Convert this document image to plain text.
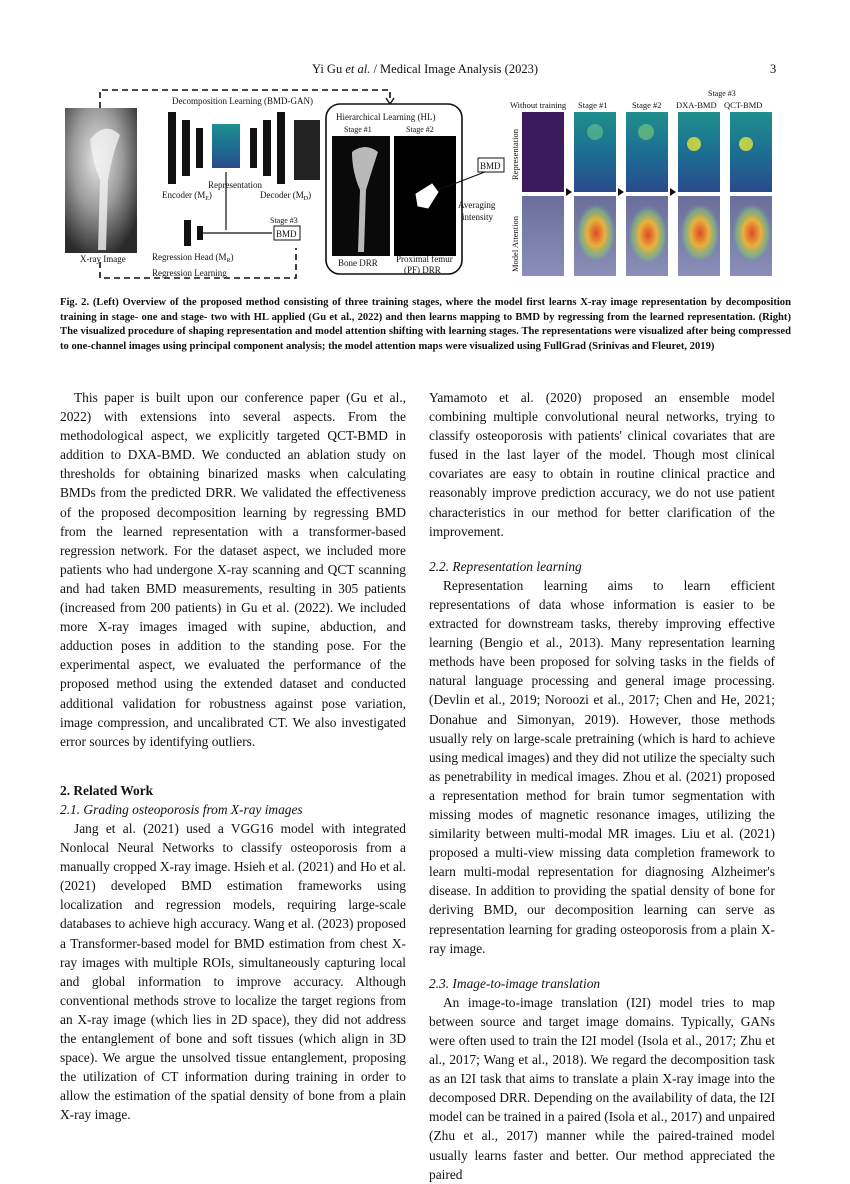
Yi Gu et al. / Medical Image Analysis (2023)	3
X-ray Image
Decomposition Learning (BMD-GAN)
Encoder $(M_E)$
Representation
Decoder $(M_D)$
BMD
Stage #3
Regression Head $(M_R)$
Regression Learning
Hierarchical Learning (HL)
Stage #1	Stage #2
Bone DRR Proximal femur
(PF) DRR
BMD
Averaging
intensity
Stage #3
Without training Stage #1	Stage #2 DXA-BMD QCT-BMD
Representation
Model Attention
Fig. 2. (Left) Overview of the proposed method consisting of three training stages, where the model first learns X-ray image representation by decomposition training in stage- one and stage- two with HL applied (Gu et al., 2022) and then learns mapping to BMD by regressing from the learned representation. (Right) The visualized procedure of shaping representation and model attention shifting with learning stages. The representations were visualized after being compressed to one-channel images using principal component analysis; the model attention maps were visualized using FullGrad (Srinivas and Fleuret, 2019)

This paper is built upon our conference paper (Gu et al., 2022) with extensions into several aspects. From the methodological aspect, we explicitly targeted QCT-BMD in addition to DXA-BMD. We conducted an ablation study on thresholds for obtaining binarized masks when calculating BMDs from the predicted DRR. We validated the effectiveness of the proposed decomposition learning by regressing BMD from the learned representation with a transformer-based regression network. For the dataset aspect, we included more patients who had undergone X-ray scanning and QCT scanning and had taken BMD measurements, resulting in 305 patients (increased from 200 patients) in Gu et al. (2022). We included more X-ray images imaged with supine, abduction, and adduction poses in addition to the standing pose. For the experimental aspect, we evaluated the performance of the proposed method using the extended dataset and conducted additional validation for robustness against pose variation, image compression, and uncalibrated CT. We also investigated error sources by identifying outliers.

2. Related Work

2.1. Grading osteoporosis from X-ray images

Jang et al. (2021) used a VGG16 model with integrated Nonlocal Neural Networks to classify osteoporosis from a manually cropped X-ray image. Hsieh et al. (2021) and Ho et al. (2021) developed BMD estimation frameworks using localization and regression models, requiring large-scale databases to achieve high accuracy. Wang et al. (2023) proposed a Transformer-based model for BMD estimation from chest X-ray images with multiple ROIs, simultaneously capturing local and global information to improve accuracy. Although conventional methods strove to localize the target regions from an X-ray image (which lies in 2D space), they did not address the entanglement of bone and soft tissues (which align in 3D space). We argue the unsolved tissue entanglement, proposing the utilization of CT information during training in order to allow the estimation of the spatial density of bone from a plain X-ray image.

Yamamoto et al. (2020) proposed an ensemble model combining multiple convolutional neural networks, trying to classify osteoporosis with patients' clinical covariates that are fused in the last layer of the model. Though most clinical covariates are easy to obtain in routine clinical practice and reasonably improve prediction accuracy, we do not use patient characteristics in our method for better clarification of the improvement.

2.2. Representation learning

Representation learning aims to learn efficient representations of data whose information is easier to be extracted for downstream tasks, thereby improving effective learning (Bengio et al., 2013). Many representation learning methods have been proposed for solving tasks in the fields of natural language processing and general image processing. (Devlin et al., 2019; Noroozi et al., 2017; Chen and He, 2021; Donahue and Simonyan, 2019). However, those methods usually rely on large-scale pretraining (which is hard to achieve using medical images) and they did not utilize the specialty such as penetrability in medical images. Zhou et al. (2021) proposed a representation method for brain tumor segmentation with missing modes of magnetic resonance images, utilizing the similarity between multi-modal MR images. Liu et al. (2021) proposed a multi-view missing data completion framework to learn multi-modal representation for diagnosing Alzheimer's disease. In addition to providing the spatial density of bone for deriving BMD, our decomposition learning can serve as representation learning for grading osteoporosis from a plain X-ray image.

2.3. Image-to-image translation

An image-to-image translation (I2I) model tries to map between source and target image domains. Typically, GANs were often used to train the I2I model (Isola et al., 2017; Zhu et al., 2017; Wang et al., 2018). We regard the decomposition task as an I2I task that aims to translate a plain X-ray image into the decomposed DRR. Depending on the availability of data, the I2I model can be trained in a paired (Isola et al., 2017) and unpaired (Zhu et al., 2017) manner while the paired-trained model usually learns faster and better. Our method appreciated the paired
